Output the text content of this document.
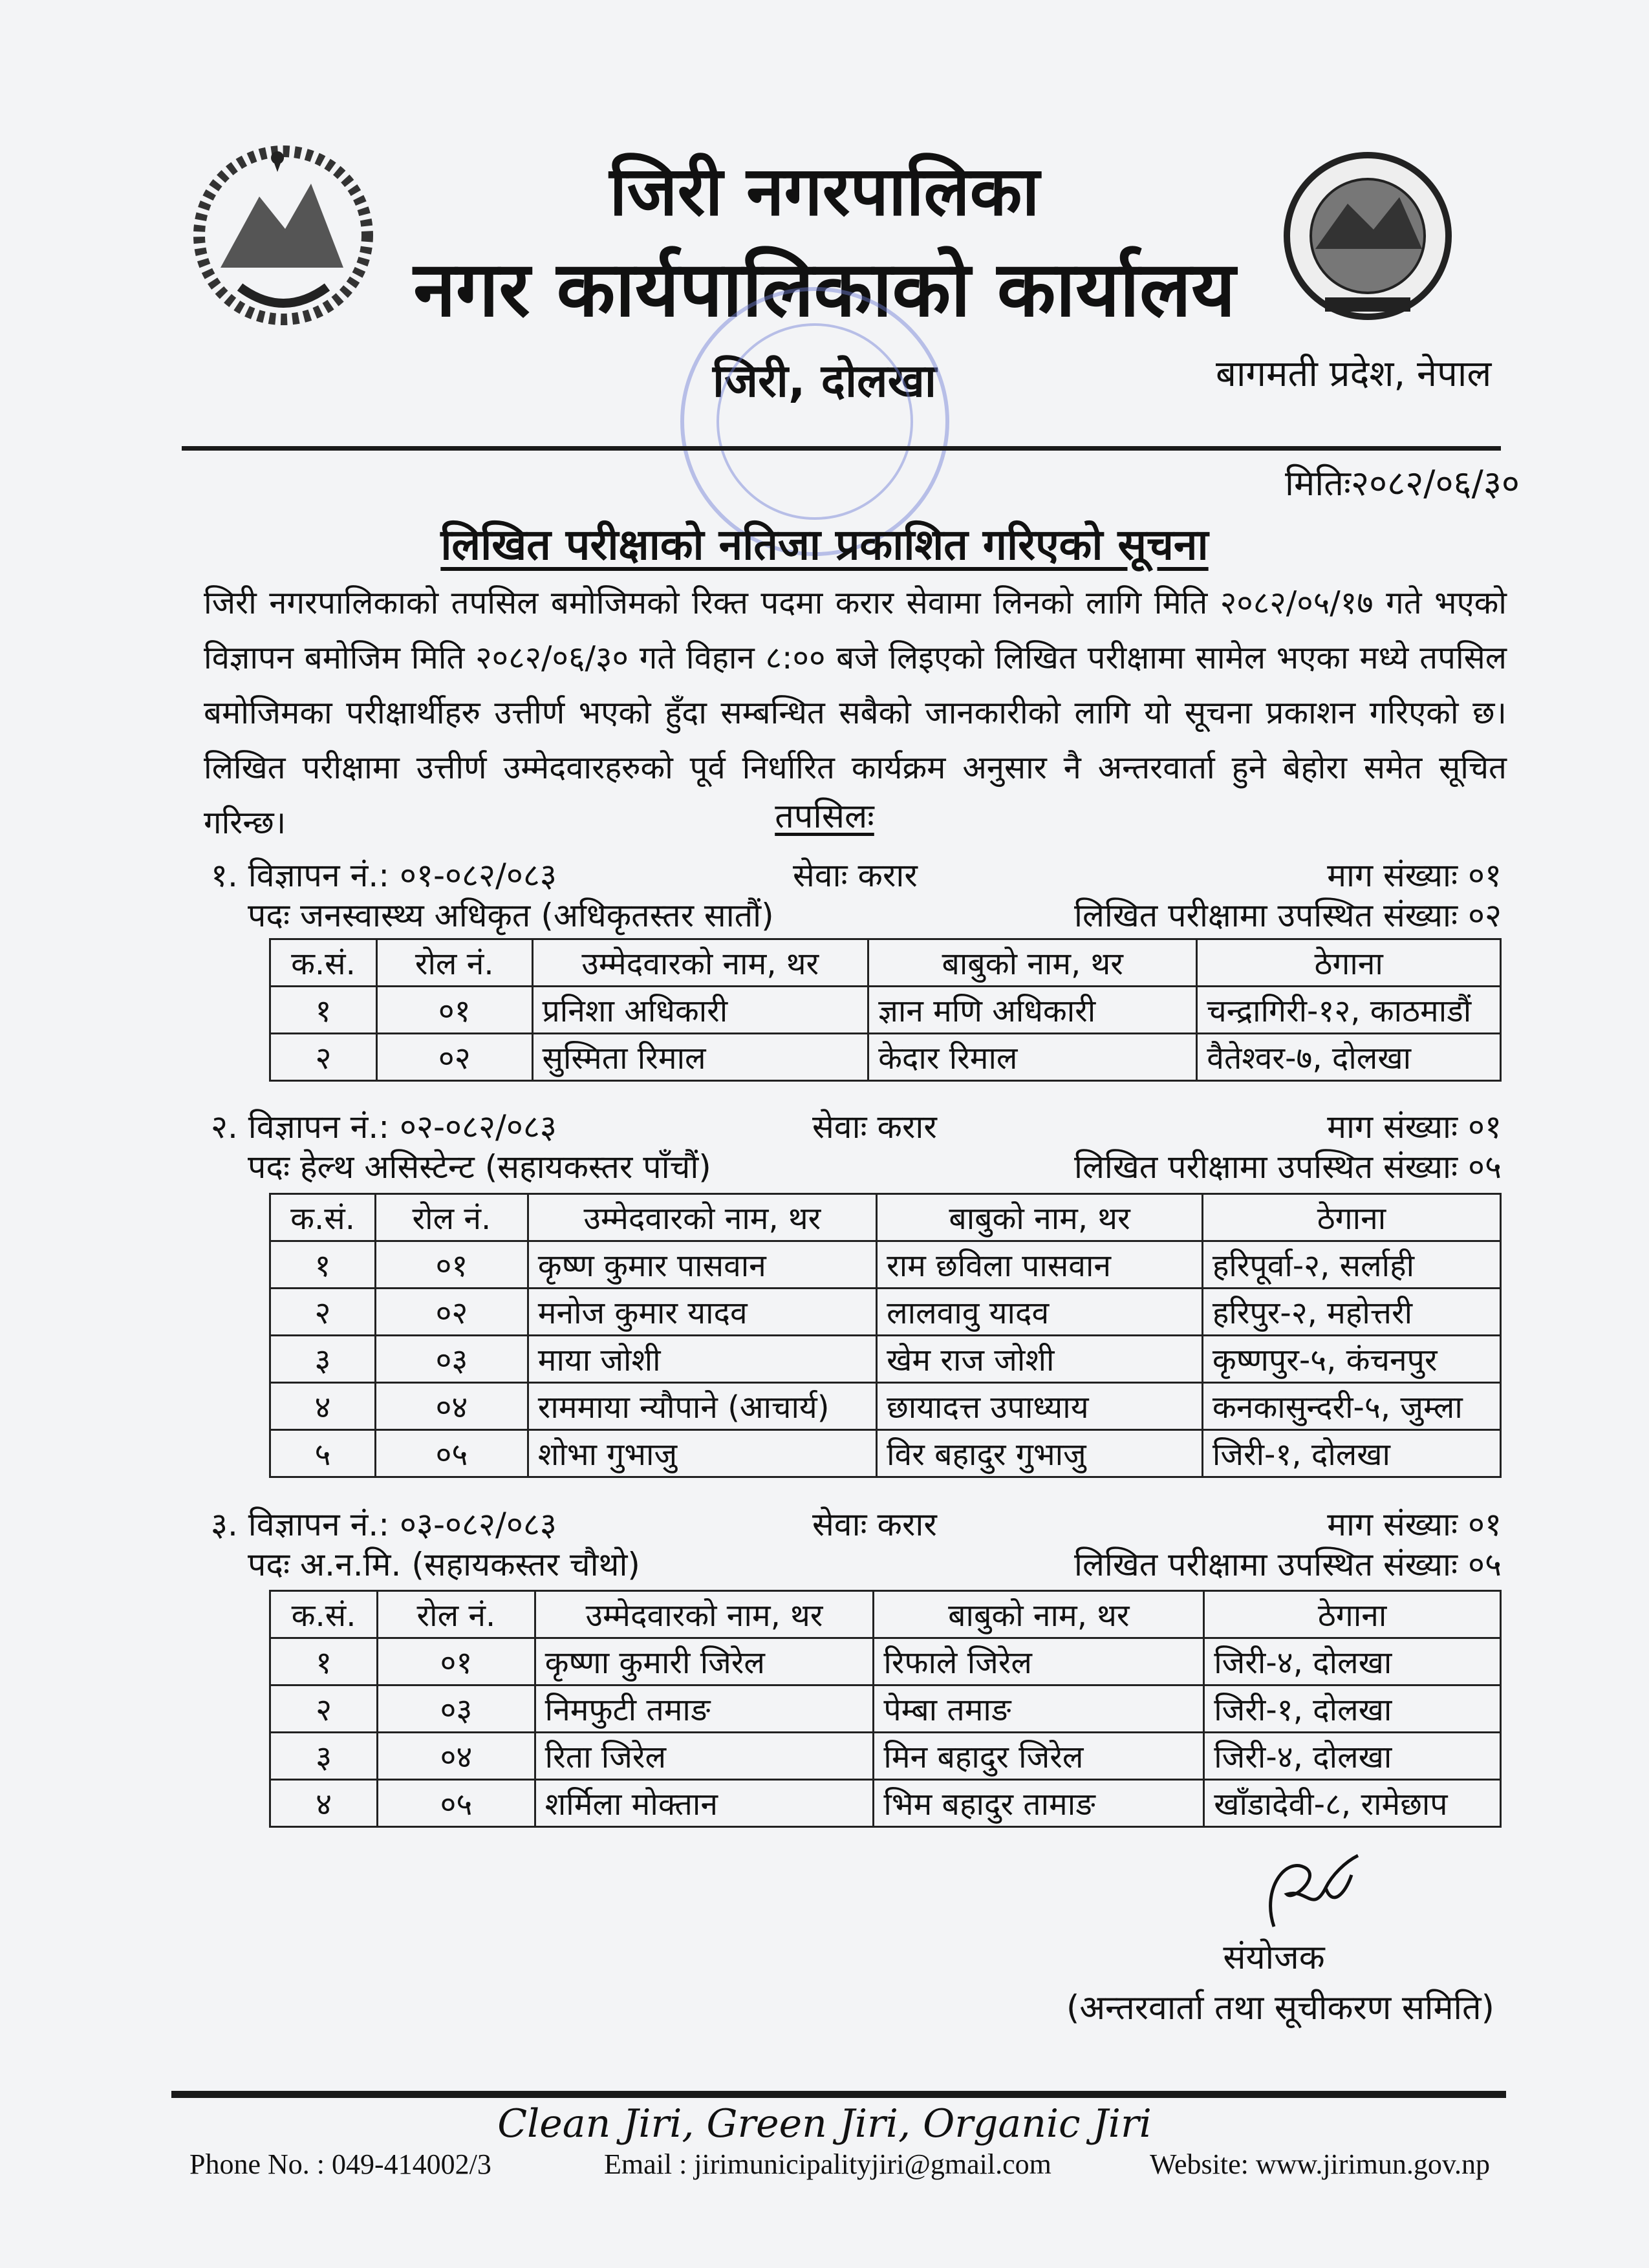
जिरी नगरपालिका
नगर कार्यपालिकाको कार्यालय
जिरी, दोलखा	बागमती प्रदेश, नेपाल
मितिः२०८२/०६/३०
लिखित परीक्षाको नतिजा प्रकाशित गरिएको सूचना
जिरी नगरपालिकाको तपसिल बमोजिमको रिक्त पदमा करार सेवामा लिनको लागि मिति २०८२/०५/१७ गते भएको विज्ञापन बमोजिम मिति २०८२/०६/३० गते विहान ८:०० बजे लिइएको लिखित परीक्षामा सामेल भएका मध्ये तपसिल बमोजिमका परीक्षार्थीहरु उत्तीर्ण भएको हुँदा सम्बन्धित सबैको जानकारीको लागि यो सूचना प्रकाशन गरिएको छ।लिखित परीक्षामा उत्तीर्ण उम्मेदवारहरुको पूर्व निर्धारित कार्यक्रम अनुसार नै अन्तरवार्ता हुने बेहोरा समेत सूचित गरिन्छ।	तपसिलः
१. विज्ञापन नं.: ०१-०८२/०८३	सेवाः करार	माग संख्याः ०१
पदः जनस्वास्थ्य अधिकृत (अधिकृतस्तर सातौं)	लिखित परीक्षामा उपस्थित संख्याः ०२
क.सं.	रोल नं.	उम्मेदवारको नाम, थर	बाबुको नाम, थर	ठेगाना
१	०१	प्रनिशा अधिकारी	ज्ञान मणि अधिकारी	चन्द्रागिरी-१२, काठमाडौं
२	०२	सुस्मिता रिमाल	केदार रिमाल	वैतेश्वर-७, दोलखा
२. विज्ञापन नं.: ०२-०८२/०८३	सेवाः करार	माग संख्याः ०१
पदः हेल्थ असिस्टेन्ट (सहायकस्तर पाँचौं)	लिखित परीक्षामा उपस्थित संख्याः ०५
क.सं.	रोल नं.	उम्मेदवारको नाम, थर	बाबुको नाम, थर	ठेगाना
१	०१	कृष्ण कुमार पासवान	राम छविला पासवान	हरिपूर्वा-२, सर्लाही
२	०२	मनोज कुमार यादव	लालवावु यादव	हरिपुर-२, महोत्तरी
३	०३	माया जोशी	खेम राज जोशी	कृष्णपुर-५, कंचनपुर
४	०४	राममाया न्यौपाने (आचार्य)	छायादत्त उपाध्याय	कनकासुन्दरी-५, जुम्ला
५	०५	शोभा गुभाजु	विर बहादुर गुभाजु	जिरी-१, दोलखा
३. विज्ञापन नं.: ०३-०८२/०८३	सेवाः करार	माग संख्याः ०१
पदः अ.न.मि. (सहायकस्तर चौथो)	लिखित परीक्षामा उपस्थित संख्याः ०५
क.सं.	रोल नं.	उम्मेदवारको नाम, थर	बाबुको नाम, थर	ठेगाना
१	०१	कृष्णा कुमारी जिरेल	रिफाले जिरेल	जिरी-४, दोलखा
२	०३	निमफुटी तमाङ	पेम्बा तमाङ	जिरी-१, दोलखा
३	०४	रिता जिरेल	मिन बहादुर जिरेल	जिरी-४, दोलखा
४	०५	शर्मिला मोक्तान	भिम बहादुर तामाङ	खाँडादेवी-८, रामेछाप
संयोजक
(अन्तरवार्ता तथा सूचीकरण समिति)
Clean Jiri, Green Jiri, Organic Jiri
Phone No. : 049-414002/3	Email : jirimunicipalityjiri@gmail.com	Website: www.jirimun.gov.np
